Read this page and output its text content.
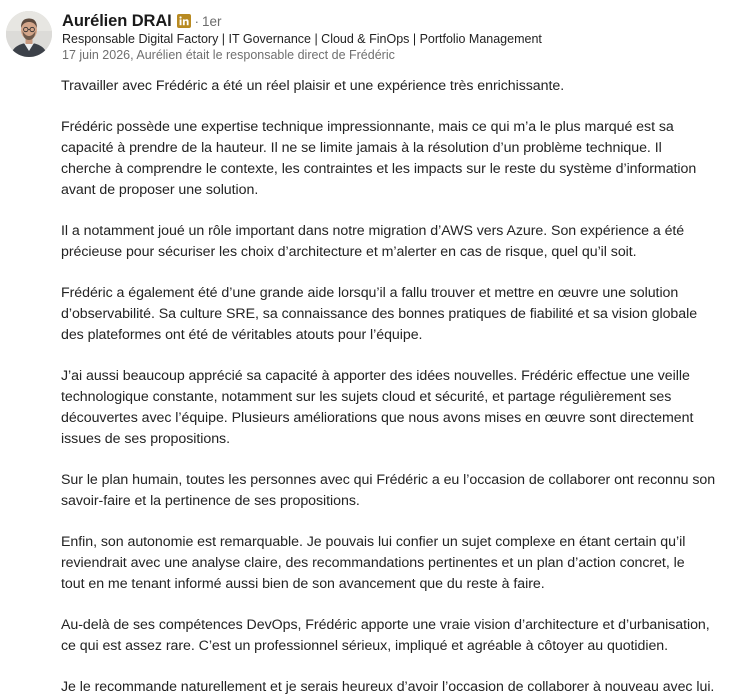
Aurélien DRAI · 1er
Responsable Digital Factory | IT Governance | Cloud & FinOps | Portfolio Management
17 juin 2026, Aurélien était le responsable direct de Frédéric

Travailler avec Frédéric a été un réel plaisir et une expérience très enrichissante.

Frédéric possède une expertise technique impressionnante, mais ce qui m’a le plus marqué est sa
capacité à prendre de la hauteur. Il ne se limite jamais à la résolution d’un problème technique. Il
cherche à comprendre le contexte, les contraintes et les impacts sur le reste du système d’information
avant de proposer une solution.

Il a notamment joué un rôle important dans notre migration d’AWS vers Azure. Son expérience a été
précieuse pour sécuriser les choix d’architecture et m’alerter en cas de risque, quel qu’il soit.

Frédéric a également été d’une grande aide lorsqu’il a fallu trouver et mettre en œuvre une solution
d’observabilité. Sa culture SRE, sa connaissance des bonnes pratiques de fiabilité et sa vision globale
des plateformes ont été de véritables atouts pour l’équipe.

J’ai aussi beaucoup apprécié sa capacité à apporter des idées nouvelles. Frédéric effectue une veille
technologique constante, notamment sur les sujets cloud et sécurité, et partage régulièrement ses
découvertes avec l’équipe. Plusieurs améliorations que nous avons mises en œuvre sont directement
issues de ses propositions.

Sur le plan humain, toutes les personnes avec qui Frédéric a eu l’occasion de collaborer ont reconnu son
savoir-faire et la pertinence de ses propositions.

Enfin, son autonomie est remarquable. Je pouvais lui confier un sujet complexe en étant certain qu’il
reviendrait avec une analyse claire, des recommandations pertinentes et un plan d’action concret, le
tout en me tenant informé aussi bien de son avancement que du reste à faire.

Au-delà de ses compétences DevOps, Frédéric apporte une vraie vision d’architecture et d’urbanisation,
ce qui est assez rare. C’est un professionnel sérieux, impliqué et agréable à côtoyer au quotidien.

Je le recommande naturellement et je serais heureux d’avoir l’occasion de collaborer à nouveau avec lui.
